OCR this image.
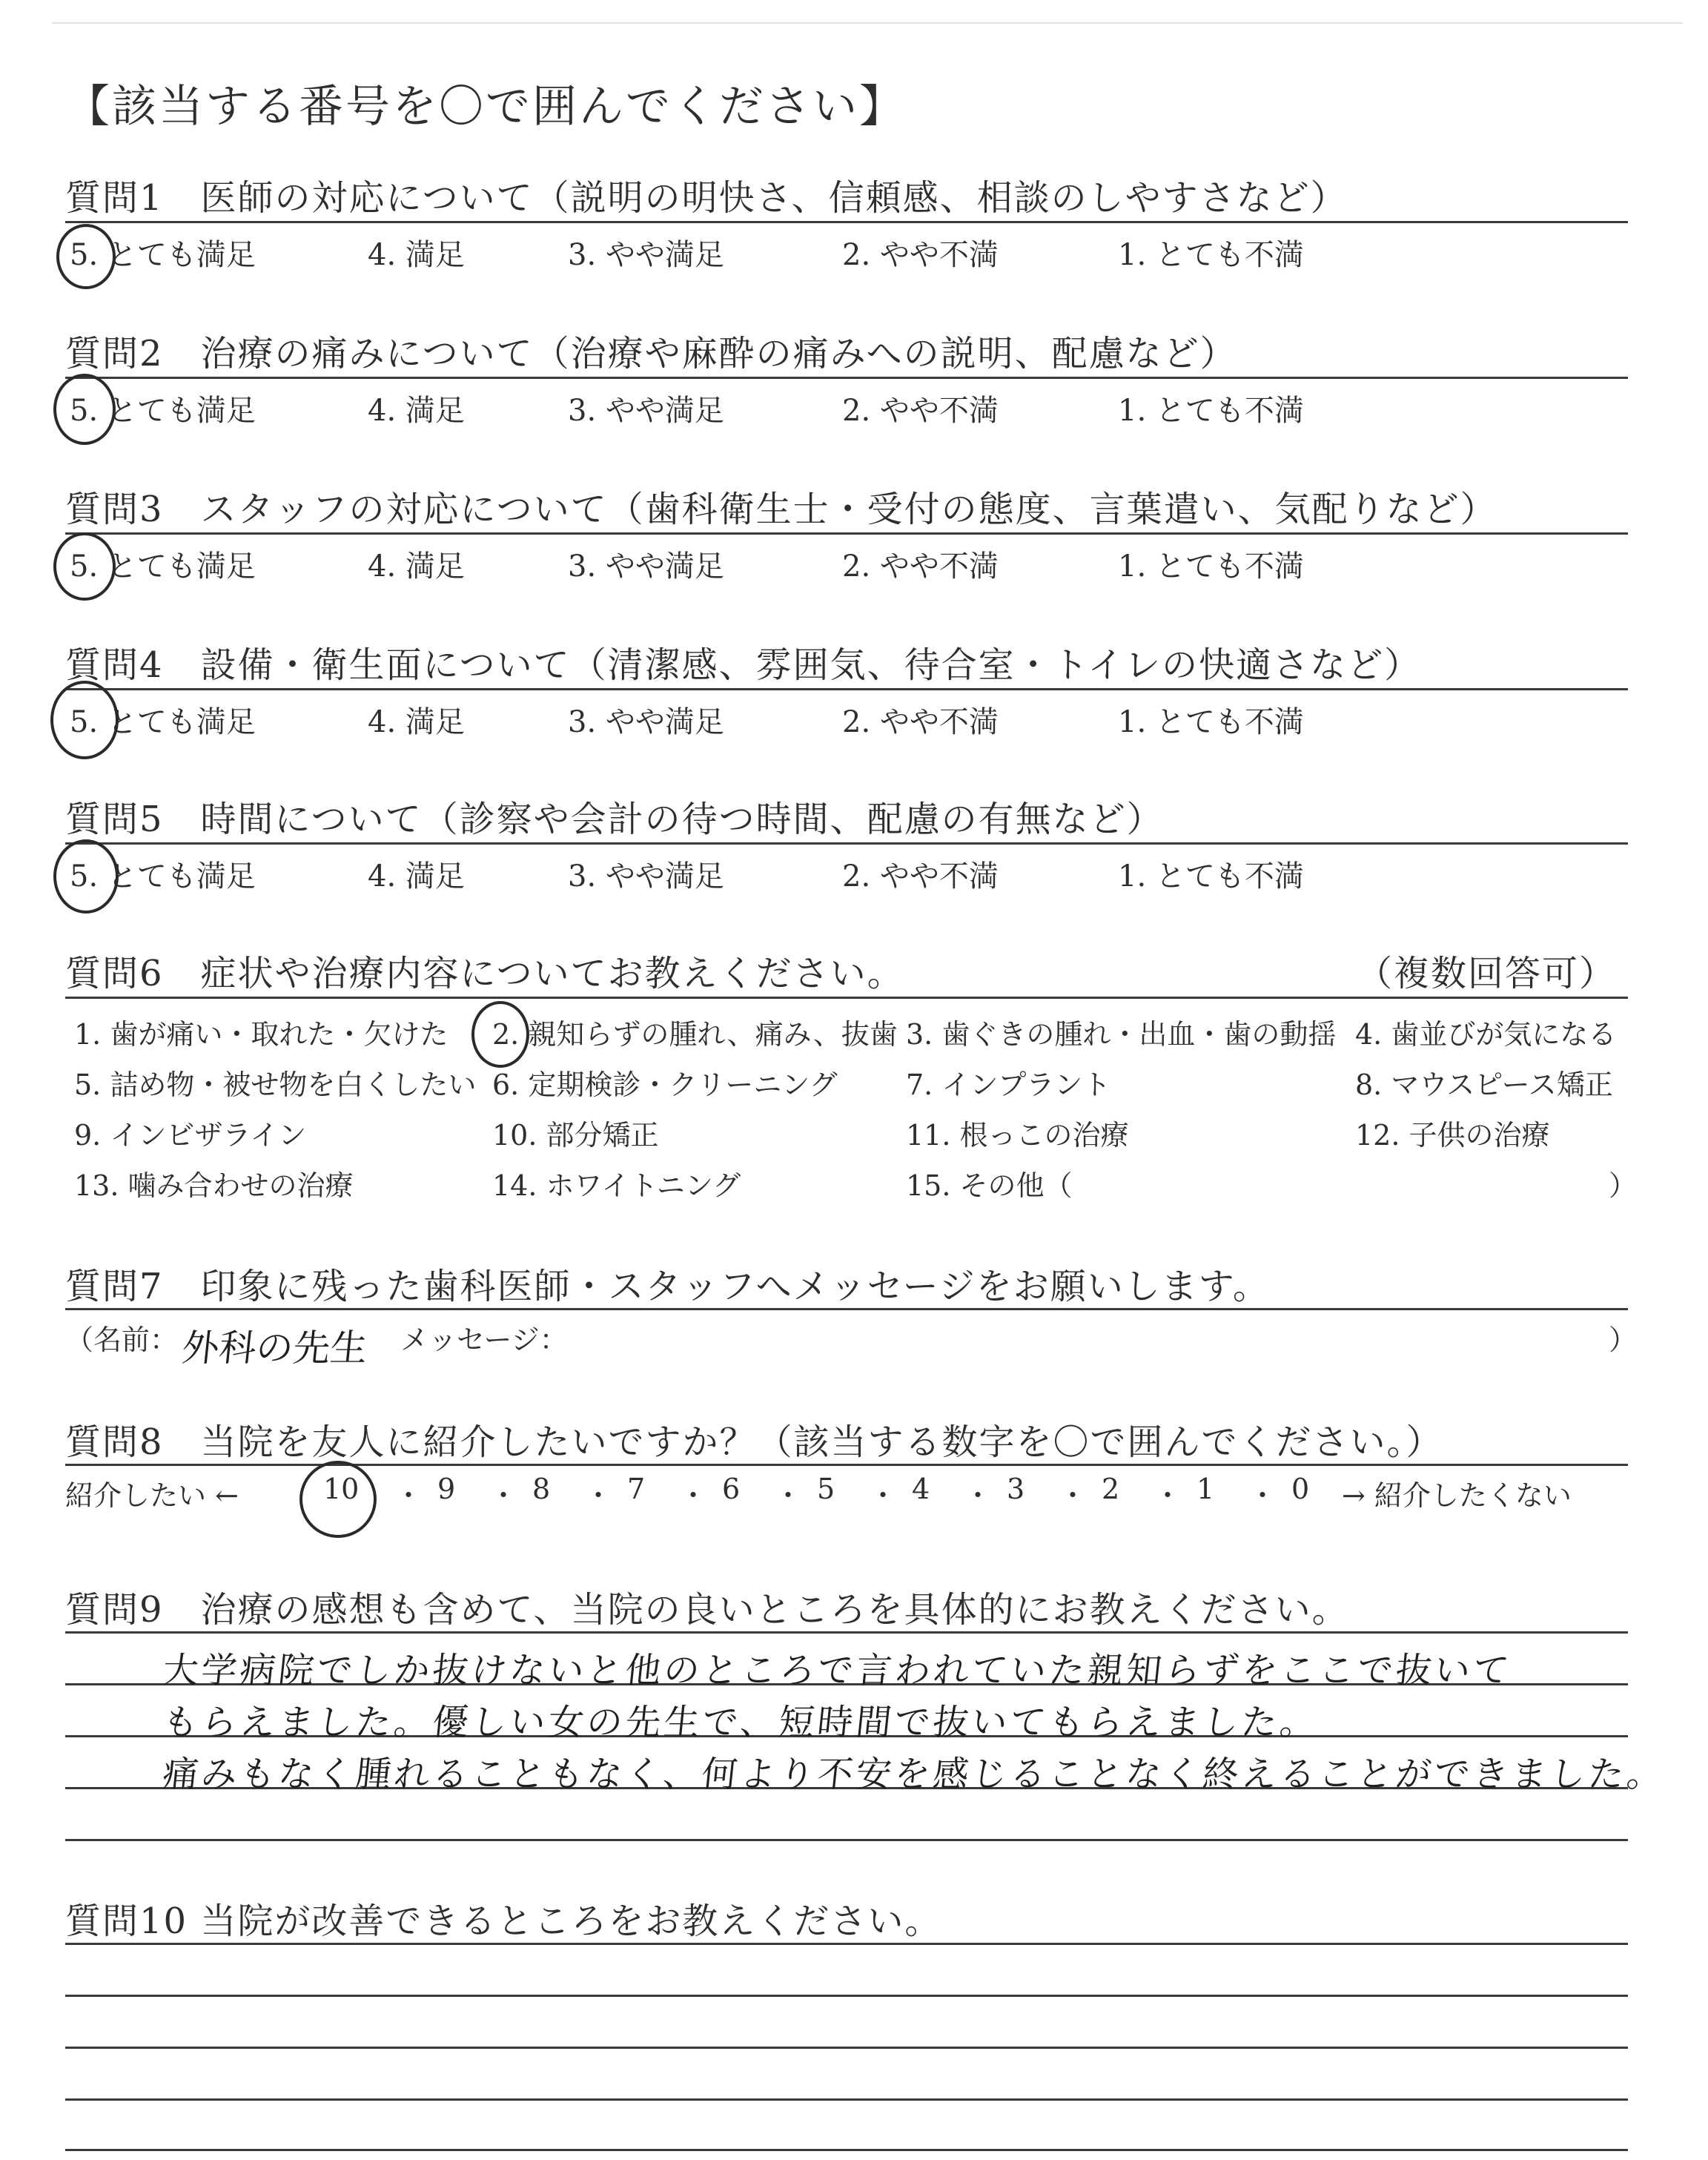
【該当する番号を〇で囲んでください】
質問1　医師の対応について（説明の明快さ、信頼感、相談のしやすさなど）
5. とても満足	4. 満足	3. やや満足	2. やや不満	1. とても不満
質問2　治療の痛みについて（治療や麻酔の痛みへの説明、配慮など）
5. とても満足	4. 満足	3. やや満足	2. やや不満	1. とても不満
質問3　スタッフの対応について（歯科衛生士・受付の態度、言葉遣い、気配りなど）
5. とても満足	4. 満足	3. やや満足	2. やや不満	1. とても不満
質問4　設備・衛生面について（清潔感、雰囲気、待合室・トイレの快適さなど）
5. とても満足	4. 満足	3. やや満足	2. やや不満	1. とても不満
質問5　時間について（診察や会計の待つ時間、配慮の有無など）
5. とても満足	4. 満足	3. やや満足	2. やや不満	1. とても不満
質問6　症状や治療内容についてお教えください。	（複数回答可）
1. 歯が痛い・取れた・欠けた 2. 親知らずの腫れ、痛み、抜歯 3. 歯ぐきの腫れ・出血・歯の動揺 4. 歯並びが気になる
5. 詰め物・被せ物を白くしたい 6. 定期検診・クリーニング 7. インプラント	8. マウスピース矯正
9. インビザライン	10. 部分矯正	11. 根っこの治療	12. 子供の治療
13. 噛み合わせの治療	14. ホワイトニング	15. その他（	）
質問7　印象に残った歯科医師・スタッフへメッセージをお願いします。
（名前： 外科の先生 メッセージ：	）
質問8　当院を友人に紹介したいですか？（該当する数字を〇で囲んでください。）
紹介したい ←	10 ・ 9 ・ 8 ・ 7 ・ 6 ・ 5 ・ 4 ・ 3 ・ 2 ・ 1 ・ 0 → 紹介したくない
質問9　治療の感想も含めて、当院の良いところを具体的にお教えください。
大学病院でしか抜けないと他のところで言われていた親知らずをここで抜いて
もらえました。優しい女の先生で、短時間で抜いてもらえました。
痛みもなく腫れることもなく、何より不安を感じることなく終えることができました。
質問10 当院が改善できるところをお教えください。
